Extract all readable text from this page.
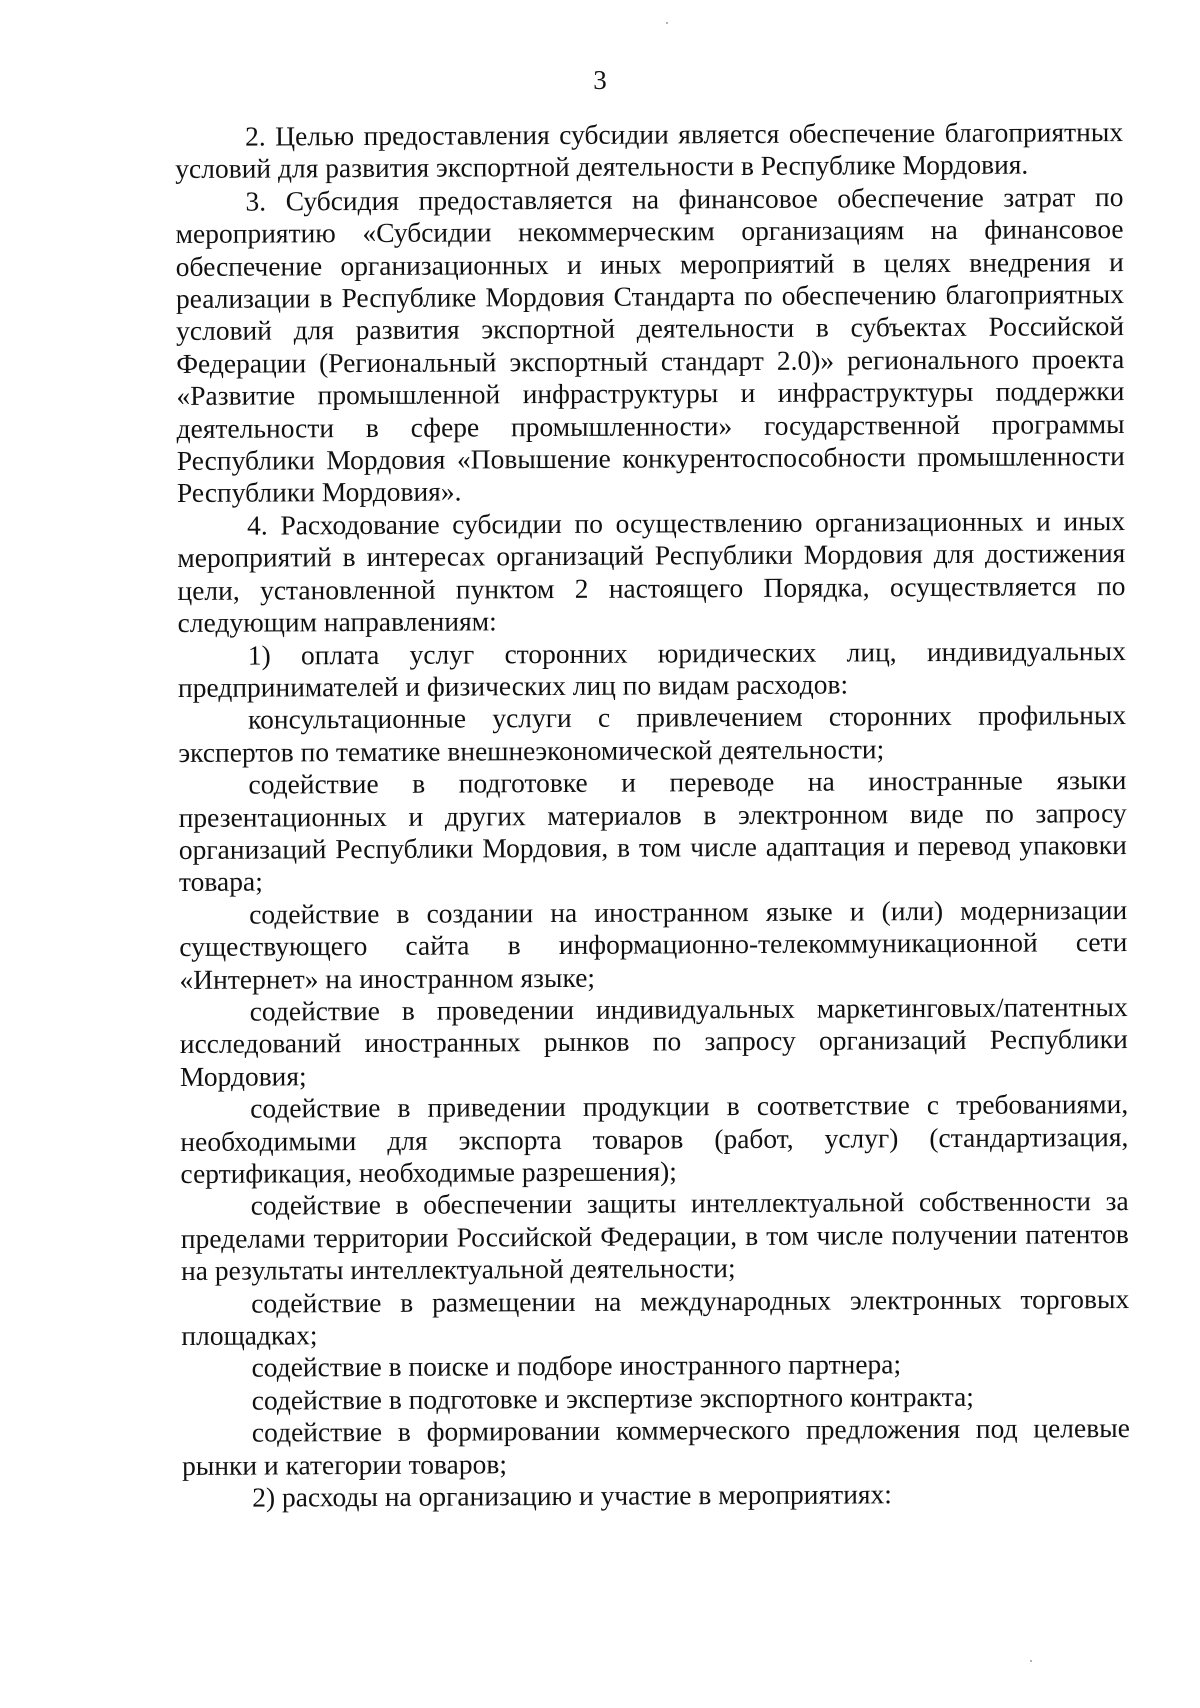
3

2. Целью предоставления субсидии является обеспечение благоприятных условий для развития экспортной деятельности в Республике Мордовия.

3. Субсидия предоставляется на финансовое обеспечение затрат по мероприятию «Субсидии некоммерческим организациям на финансовое обеспечение организационных и иных мероприятий в целях внедрения и реализации в Республике Мордовия Стандарта по обеспечению благоприятных условий для развития экспортной деятельности в субъектах Российской Федерации (Региональный экспортный стандарт 2.0)» регионального проекта «Развитие промышленной инфраструктуры и инфраструктуры поддержки деятельности в сфере промышленности» государственной программы Республики Мордовия «Повышение конкурентоспособности промышленности Республики Мордовия».

4. Расходование субсидии по осуществлению организационных и иных мероприятий в интересах организаций Республики Мордовия для достижения цели, установленной пунктом 2 настоящего Порядка, осуществляется по следующим направлениям:

1) оплата услуг сторонних юридических лиц, индивидуальных предпринимателей и физических лиц по видам расходов:

консультационные услуги с привлечением сторонних профильных экспертов по тематике внешнеэкономической деятельности;

содействие в подготовке и переводе на иностранные языки презентационных и других материалов в электронном виде по запросу организаций Республики Мордовия, в том числе адаптация и перевод упаковки товара;

содействие в создании на иностранном языке и (или) модернизации существующего сайта в информационно-телекоммуникационной сети «Интернет» на иностранном языке;

содействие в проведении индивидуальных маркетинговых/патентных исследований иностранных рынков по запросу организаций Республики Мордовия;

содействие в приведении продукции в соответствие с требованиями, необходимыми для экспорта товаров (работ, услуг) (стандартизация, сертификация, необходимые разрешения);

содействие в обеспечении защиты интеллектуальной собственности за пределами территории Российской Федерации, в том числе получении патентов на результаты интеллектуальной деятельности;

содействие в размещении на международных электронных торговых площадках;

содействие в поиске и подборе иностранного партнера;

содействие в подготовке и экспертизе экспортного контракта;

содействие в формировании коммерческого предложения под целевые рынки и категории товаров;

2) расходы на организацию и участие в мероприятиях:
